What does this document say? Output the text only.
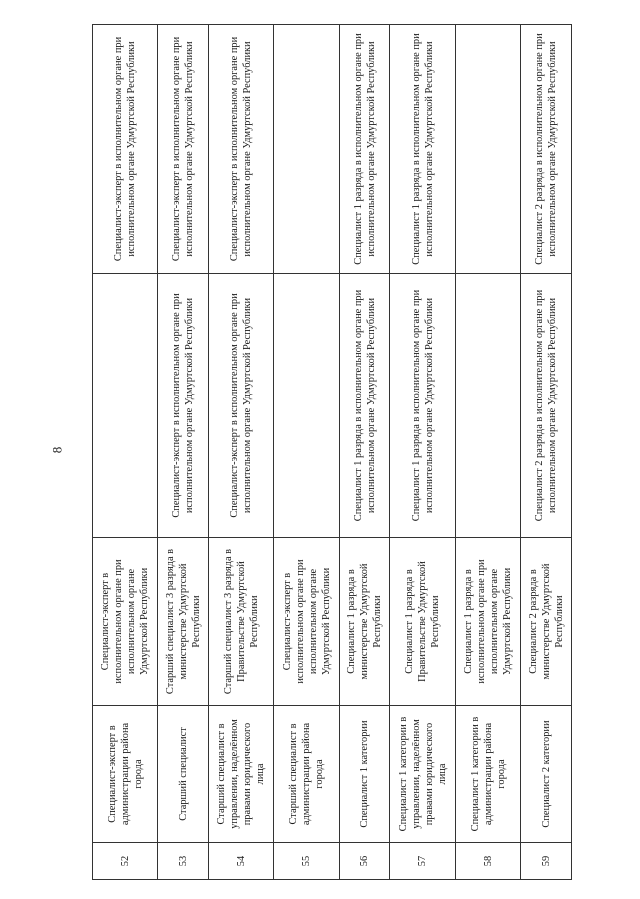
8
52	Специалист-эксперт в администрации района города	Специалист-эксперт в исполнительном органе при исполнительном органе Удмуртской Республики		Специалист-эксперт в исполнительном органе при исполнительном органе Удмуртской Республики
53	Старший специалист	Старший специалист 3 разряда в министерстве Удмуртской Республики	Специалист-эксперт в исполнительном органе при исполнительном органе Удмуртской Республики	Специалист-эксперт в исполнительном органе при исполнительном органе Удмуртской Республики
54	Старший специалист в управлении, наделённом правами юридического лица	Старший специалист 3 разряда в Правительстве Удмуртской Республики	Специалист-эксперт в исполнительном органе при исполнительном органе Удмуртской Республики	Специалист-эксперт в исполнительном органе при исполнительном органе Удмуртской Республики
55	Старший специалист в администрации района города	Специалист-эксперт в исполнительном органе при исполнительном органе Удмуртской Республики		
56	Специалист 1 категории	Специалист 1 разряда в министерстве Удмуртской Республики	Специалист 1 разряда в исполнительном органе при исполнительном органе Удмуртской Республики	Специалист 1 разряда в исполнительном органе при исполнительном органе Удмуртской Республики
57	Специалист 1 категории в управлении, наделённом правами юридического лица	Специалист 1 разряда в Правительстве Удмуртской Республики	Специалист 1 разряда в исполнительном органе при исполнительном органе Удмуртской Республики	Специалист 1 разряда в исполнительном органе при исполнительном органе Удмуртской Республики
58	Специалист 1 категории в администрации района города	Специалист 1 разряда в исполнительном органе при исполнительном органе Удмуртской Республики		
59	Специалист 2 категории	Специалист 2 разряда в министерстве Удмуртской Республики	Специалист 2 разряда в исполнительном органе при исполнительном органе Удмуртской Республики	Специалист 2 разряда в исполнительном органе при исполнительном органе Удмуртской Республики
